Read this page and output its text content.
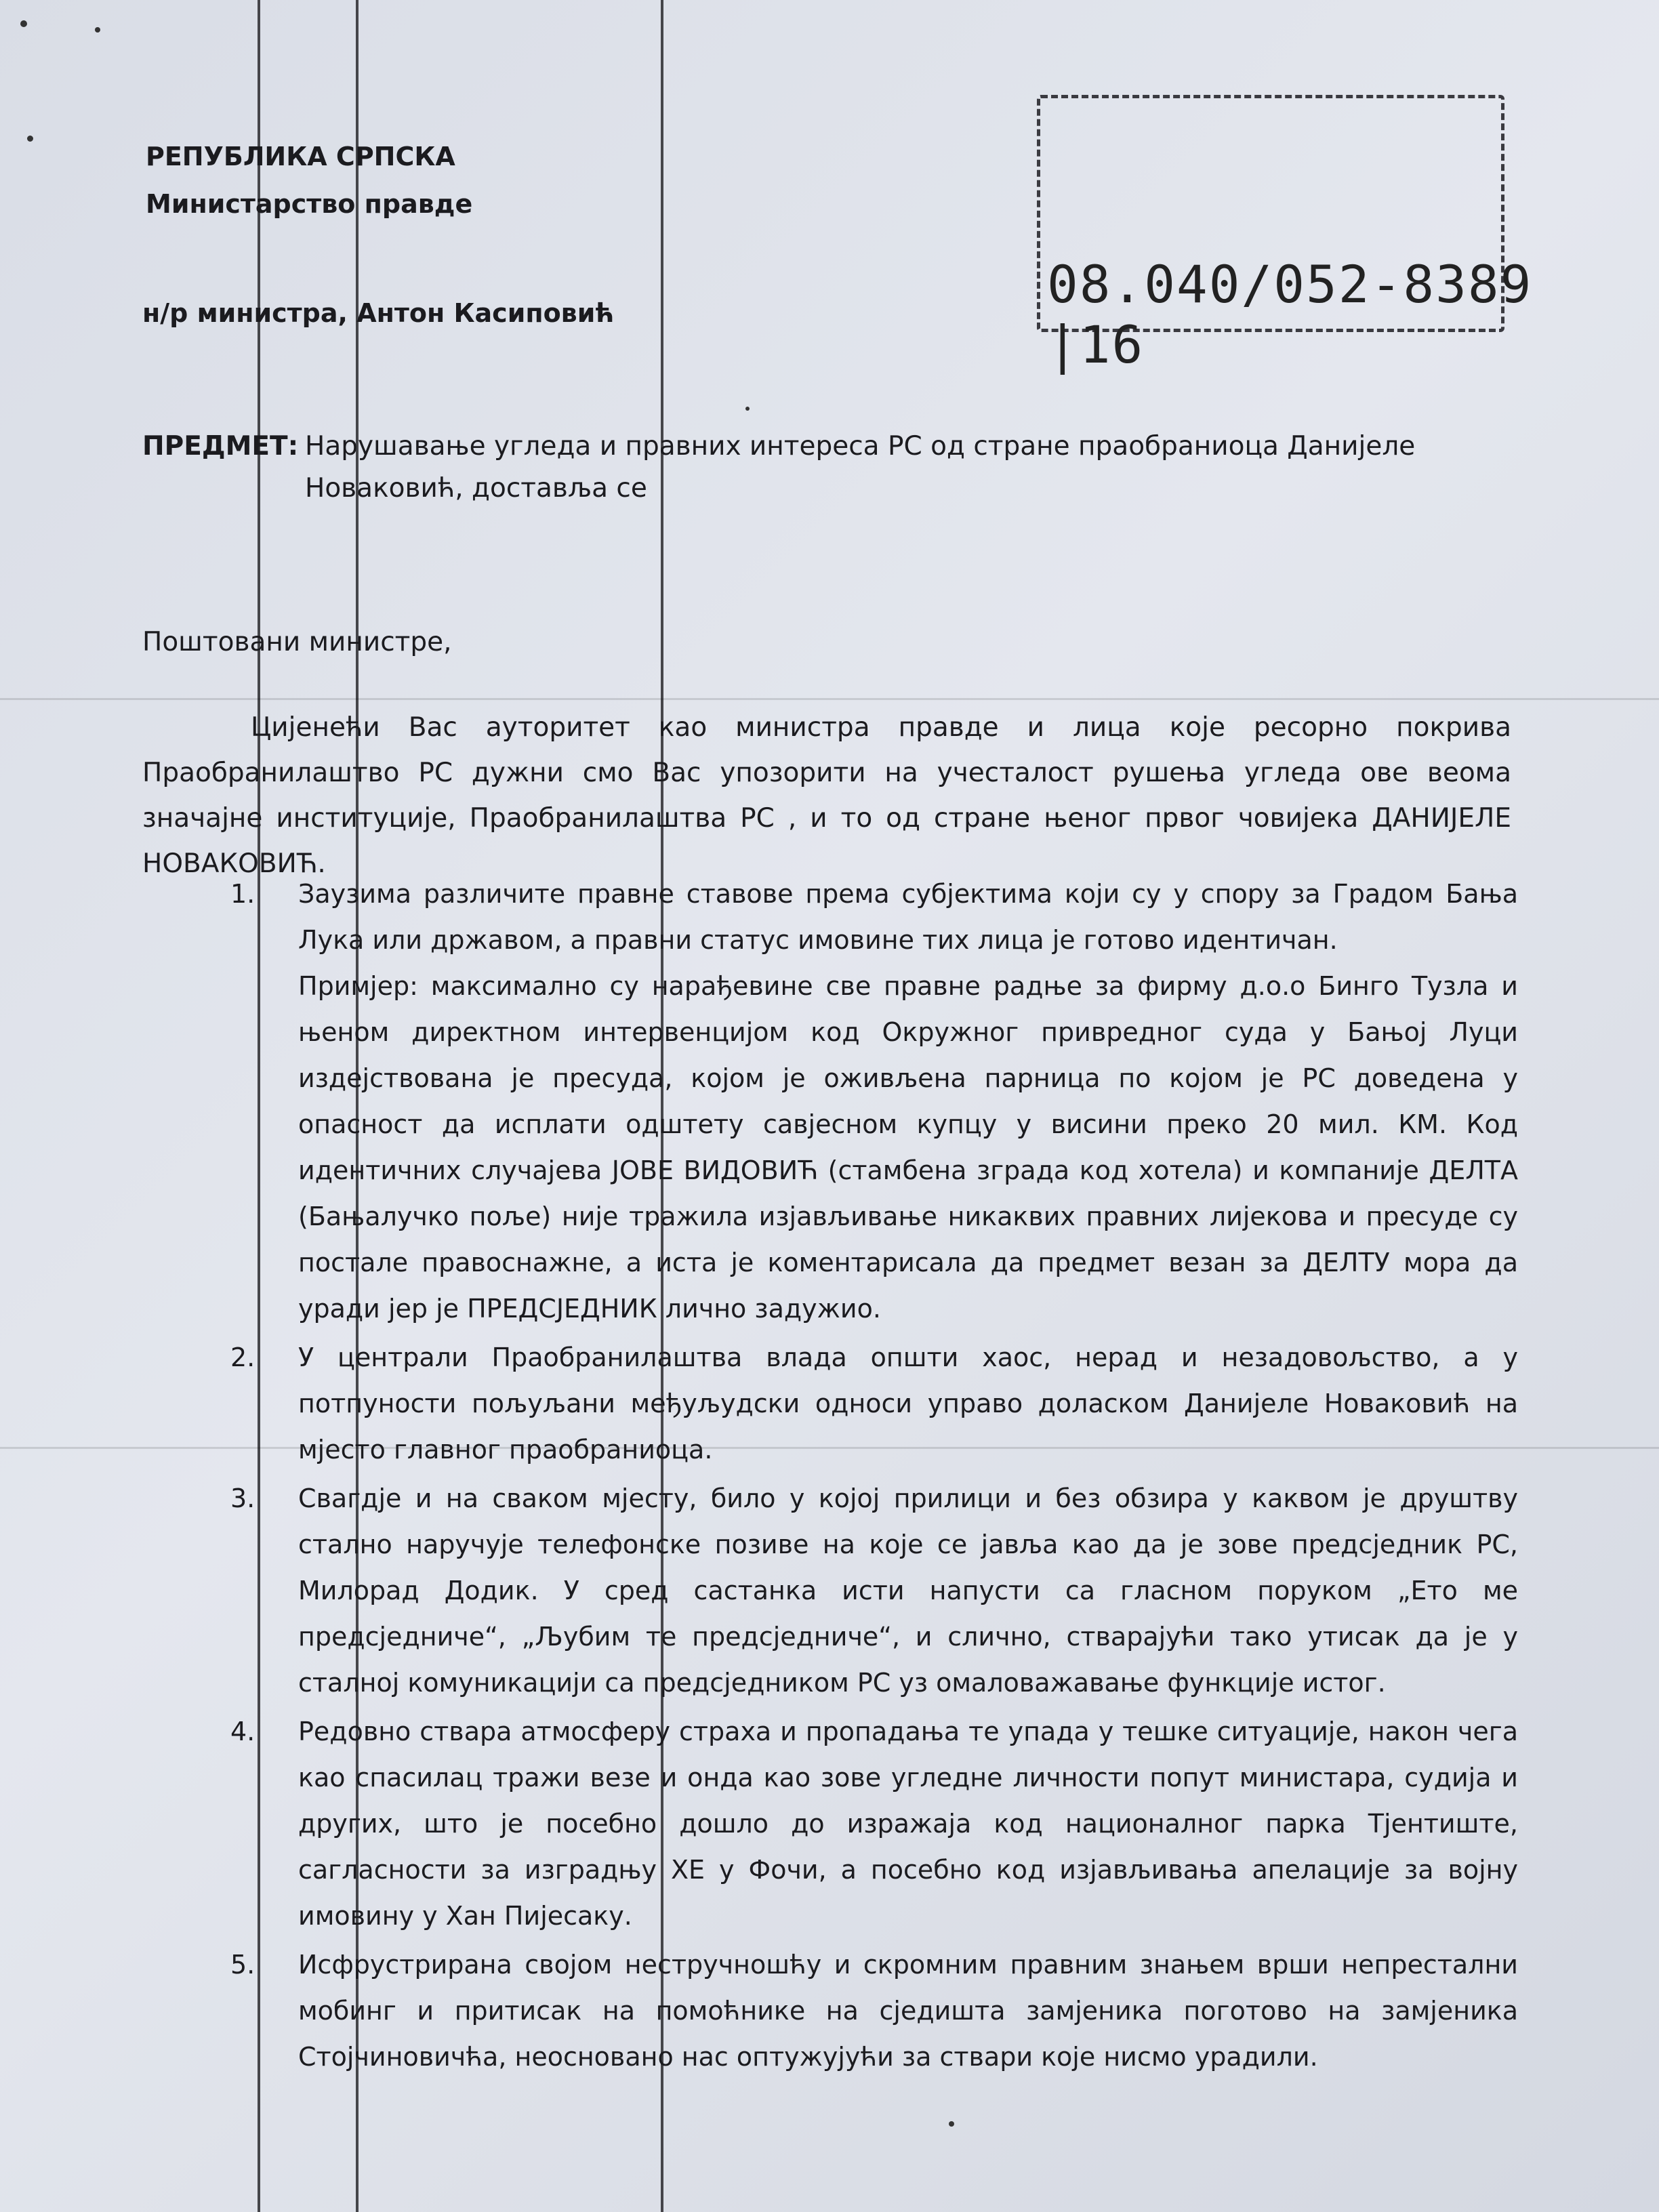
РЕПУБЛИКА СРПСКА
Министарство правде
н/р министра, Антон Касиповић	08.040/052-8389 |16
ПРЕДМЕТ: Нарушавање угледа и правних интереса РС од стране праобраниоца Данијеле
Новаковић, доставља се
Поштовани министре,
Цијенећи Вас ауторитет као министра правде и лица које ресорно покрива Праобранилаштво РС дужни смо Вас упозорити на учесталост рушења угледа ове веома значајне институције, Праобранилаштва РС , и то од стране њеног првог човијека ДАНИЈЕЛЕ НОВАКОВИЋ.
1. Заузима различите правне ставове према субјектима који су у спору за Градом Бања Лука или државом, а правни статус имовине тих лица је готово идентичан.

Примјер: максимално су нарађевине све правне радње за фирму д.о.о Бинго Тузла и њеном директном интервенцијом код Окружног привредног суда у Бањој Луци издејствована је пресуда, којом је оживљена парница по којом је РС доведена у опасност да исплати одштету савјесном купцу у висини преко 20 мил. КМ. Код идентичних случајева ЈОВЕ ВИДОВИЋ (стамбена зграда код хотела) и компаније ДЕЛТА (Бањалучко поље) није тражила изјављивање никаквих правних лијекова и пресуде су постале правоснажне, а иста је коментарисала да предмет везан за ДЕЛТУ мора да уради јер је ПРЕДСЈЕДНИК лично задужио.

2. У централи Праобранилаштва влада општи хаос, нерад и незадовољство, а у потпуности пољуљани међуљудски односи управо доласком Данијеле Новаковић на мјесто главног праобраниоца.

3. Свагдје и на сваком мјесту, било у којој прилици и без обзира у каквом је друштву стално наручује телефонске позиве на које се јавља као да је зове предсједник РС, Милорад Додик. У сред састанка исти напусти са гласном поруком „Ето ме предсједниче“, „Љубим те предсједниче“, и слично, стварајући тако утисак да је у сталној комуникацији са предсједником РС уз омаловажавање функције истог.

4. Редовно ствара атмосферу страха и пропадања те упада у тешке ситуације, након чега као спасилац тражи везе и онда као зове угледне личности попут министара, судија и других, што је посебно дошло до изражаја код националног парка Тјентиште, сагласности за изградњу ХЕ у Фочи, а посебно код изјављивања апелације за војну имовину у Хан Пијесаку.

5. Исфрустрирана својом нестручношћу и скромним правним знањем врши непрестални мобинг и притисак на помоћнике на сједишта замјеника поготово на замјеника Стојчиновичћа, неосновано нас оптужујући за ствари које нисмо урадили.
